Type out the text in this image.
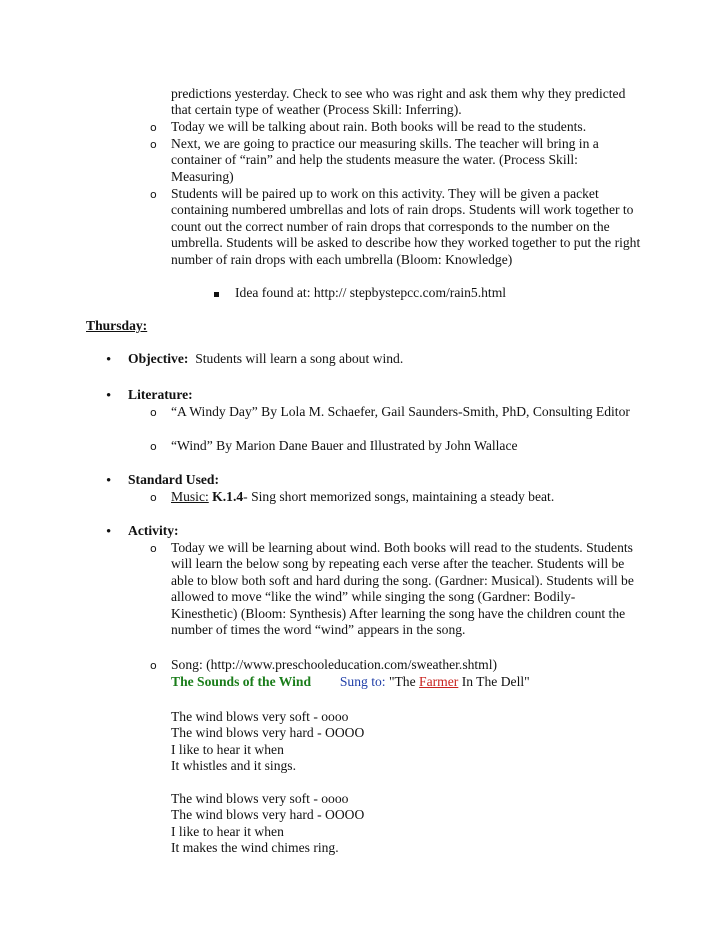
predictions yesterday. Check to see who was right and ask them why they predicted that certain type of weather (Process Skill: Inferring).
o Today we will be talking about rain. Both books will be read to the students.
o Next, we are going to practice our measuring skills. The teacher will bring in a container of “rain” and help the students measure the water. (Process Skill: Measuring)
o Students will be paired up to work on this activity. They will be given a packet containing numbered umbrellas and lots of rain drops. Students will work together to count out the correct number of rain drops that corresponds to the number on the umbrella. Students will be asked to describe how they worked together to put the right number of rain drops with each umbrella (Bloom: Knowledge)
Idea found at: http:// stepbystepcc.com/rain5.html
Thursday:
• Objective: Students will learn a song about wind.
• Literature:
o “A Windy Day” By Lola M. Schaefer, Gail Saunders-Smith, PhD, Consulting Editor
o “Wind” By Marion Dane Bauer and Illustrated by John Wallace
• Standard Used:
o Music: K.1.4- Sing short memorized songs, maintaining a steady beat.
• Activity:
o Today we will be learning about wind. Both books will read to the students. Students will learn the below song by repeating each verse after the teacher. Students will be able to blow both soft and hard during the song. (Gardner: Musical). Students will be allowed to move “like the wind” while singing the song (Gardner: Bodily-Kinesthetic) (Bloom: Synthesis) After learning the song have the children count the number of times the word “wind” appears in the song.
o Song: (http://www.preschooleducation.com/sweather.shtml)
The Sounds of the Wind Sung to: "The Farmer In The Dell"
The wind blows very soft - oooo
The wind blows very hard - OOOO
I like to hear it when
It whistles and it sings.
The wind blows very soft - oooo
The wind blows very hard - OOOO
I like to hear it when
It makes the wind chimes ring.
